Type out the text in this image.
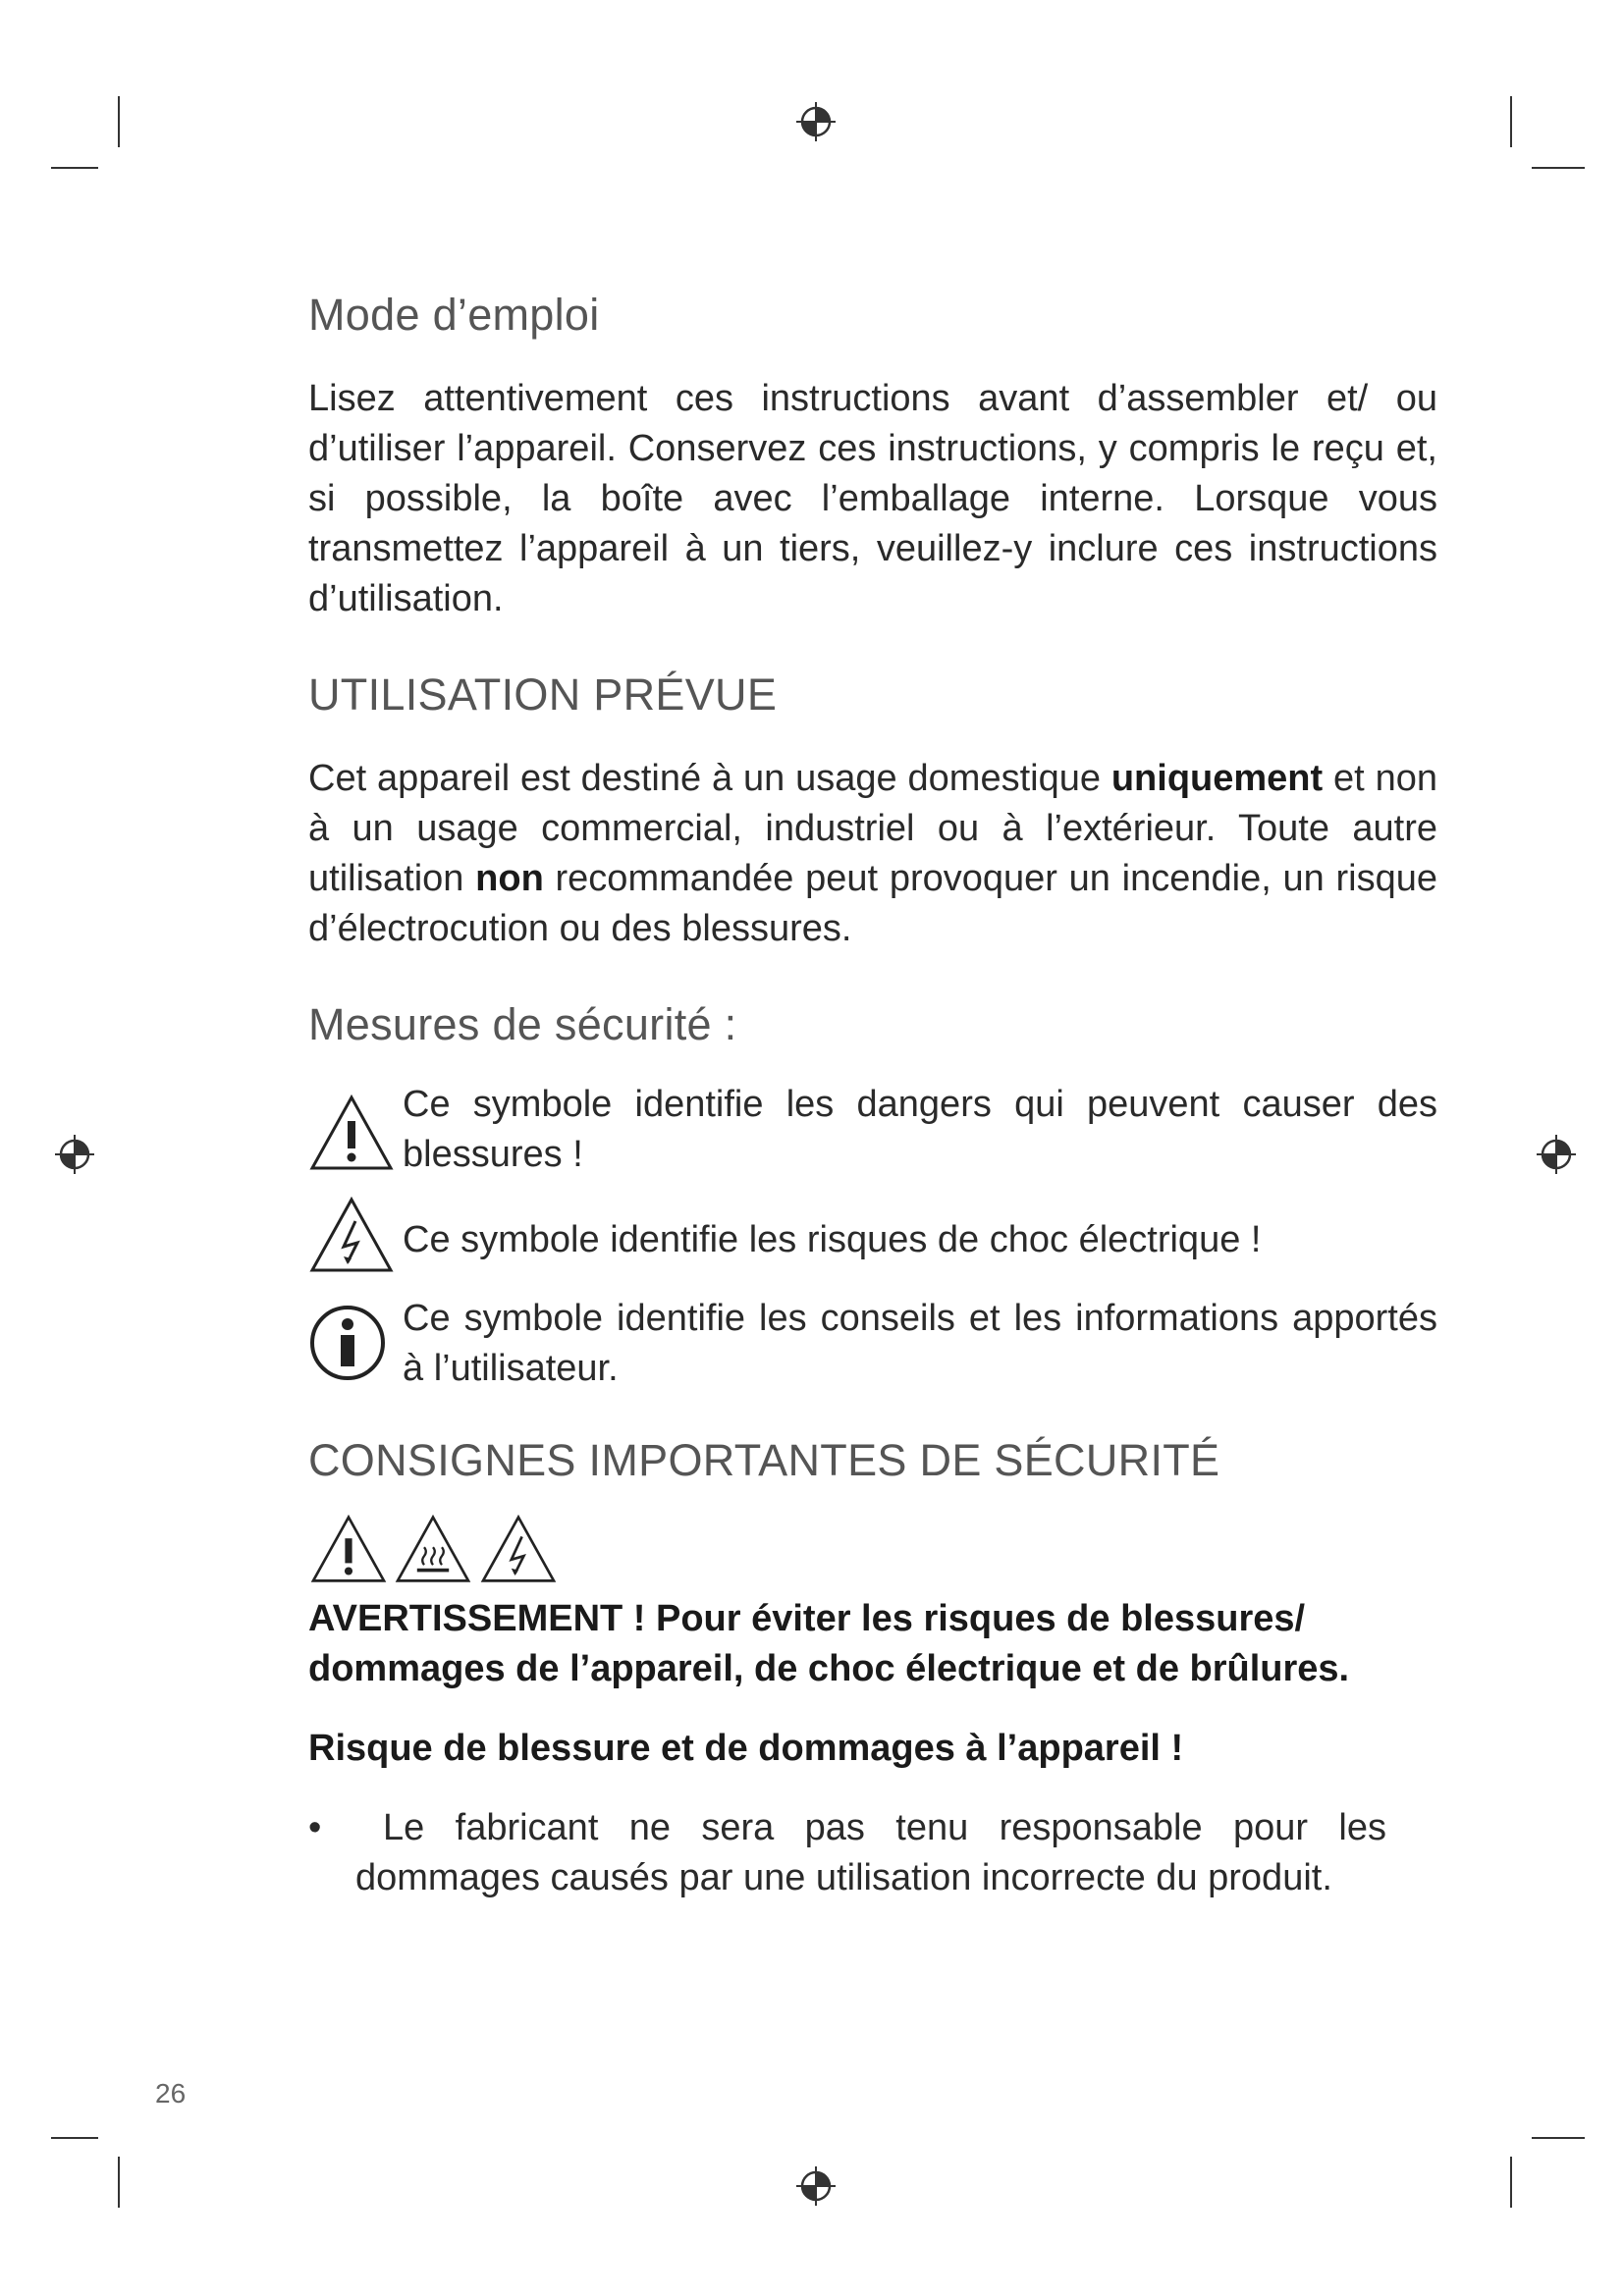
Mode d’emploi

Lisez attentivement ces instructions avant d’assembler et/ ou d’utiliser l’appareil. Conservez ces instructions, y compris le reçu et, si possible, la boîte avec l’emballage interne. Lorsque vous transmettez l’appareil à un tiers, veuillez-y inclure ces instructions d’utilisation.

UTILISATION PRÉVUE

Cet appareil est destiné à un usage domestique uniquement et non à un usage commercial, industriel ou à l’extérieur. Toute autre utilisation non recommandée peut provoquer un incendie, un risque d’électrocution ou des blessures.

Mesures de sécurité :

Ce symbole identifie les dangers qui peuvent causer des blessures !

Ce symbole identifie les risques de choc électrique !

Ce symbole identifie les conseils et les informations apportés à l’utilisateur.

CONSIGNES IMPORTANTES DE SÉCURITÉ

AVERTISSEMENT ! Pour éviter les risques de blessures/ dommages de l’appareil, de choc électrique et de brûlures.

Risque de blessure et de dommages à l’appareil !

•	Le fabricant ne sera pas tenu responsable pour les dommages causés par une utilisation incorrecte du produit.

26
